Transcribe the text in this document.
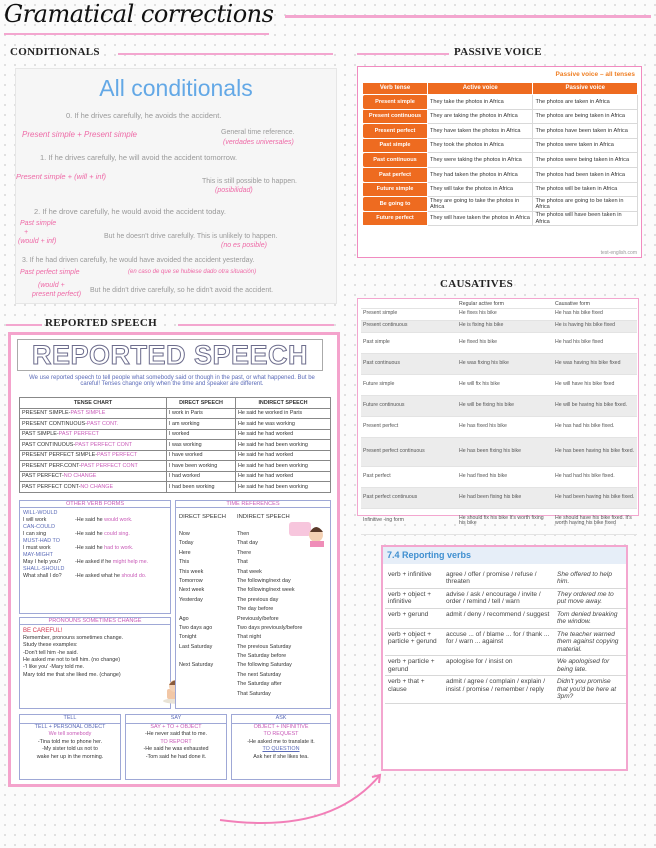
Gramatical corrections
CONDITIONALS
All conditionals
0. If he drives carefully, he avoids the accident.
Present simple + Present simple	General time reference.
(verdades universales)
1. If he drives carefully, he will avoid the accident tomorrow.
Present simple + (will + inf)
This is still possible to happen.
(posibilidad)
2. If he drove carefully, he would avoid the accident today.
Past simple
+
(would + inf)
But he doesn't drive carefully. This is unlikely to happen.
(no es posible)
3. If he had driven carefully, he would have avoided the accident yesterday.
Past perfect simple	(en caso de que se hubiese dado otra situación)
(would +
present perfect)
But he didn't drive carefully, so he didn't avoid the accident.
PASSIVE VOICE
Passive voice – all tenses
Verb tense	Active voice	Passive voice
Present simple	They take the photos in Africa	The photos are taken in Africa
Present continuous	They are taking the photos in Africa	The photos are being taken in Africa
Present perfect	They have taken the photos in Africa	The photos have been taken in Africa
Past simple	They took the photos in Africa	The photos were taken in Africa
Past continuous	They were taking the photos in Africa	The photos were being taken in Africa
Past perfect	They had taken the photos in Africa	The photos had been taken in Africa
Future simple	They will take the photos in Africa	The photos will be taken in Africa
Be going to	They are going to take the photos in Africa	The photos are going to be taken in Africa
Future perfect	They will have taken the photos in Africa	The photos will have been taken in Africa
test-english.com
CAUSATIVES
	Regular active form	Causative form
Present simple	He fixes his bike	He has his bike fixed
Present continuous	He is fixing his bike	He is having his bike fixed
Past simple	He fixed his bike	He had his bike fixed
Past continuous	He was fixing his bike	He was having his bike fixed
Future simple	He will fix his bike	He will have his bike fixed
Future continuous	He will be fixing his bike	He will be having his bike fixed.
Present perfect	He has fixed his bike	He has had his bike fixed.
Present perfect continuous	He has been fixing his bike	He has been having his bike fixed.
Past perfect	He had fixed his bike	He had had his bike fixed.
Past perfect continuous	He had been fixing his bike	He had been having his bike fixed.
Infinitive -ing form	He should fix his bike It's worth fixing his bike	He should have his bike fixed. It's worth having his bike fixed
REPORTED SPEECH
REPORTED SPEECH
We use reported speech to tell people what somebody said or though in the past, or what happened. But be careful! Tenses change only when the time and speaker are different.
TENSE CHART	DIRECT SPEECH	INDIRECT SPEECH
PRESENT SIMPLE-PAST SIMPLE	I work in Paris	He said he worked in Paris
PRESENT CONTINUOUS-PAST CONT.	I am working	He said he was working
PAST SIMPLE-PAST PERFECT	I worked	He said he had worked
PAST CONTINUOUS-PAST PERFECT CONT	I was working	He said he had been working
PRESENT PERFECT SIMPLE-PAST PERFECT	I have worked	He said he had worked
PRESENT PERF.CONT-PAST PERFECT CONT	I have been working	He said he had been working
PAST PERFECT-NO CHANGE	I had worked	He said he had worked
PAST PERFECT CONT-NO CHANGE	I had been working	He said he had been working
OTHER VERB FORMS
WILL-WOULD
I will work	-He said he would work.
CAN-COULD
I can sing	-He said he could sing.
MUST-HAD TO
I must work	-He said he had to work.
MAY-MIGHT
May I help you?	-He asked if he might help me.
SHALL-SHOULD
What shall I do? -He asked what he should do.
PRONOUNS SOMETIMES CHANGE
BE CAREFUL!
Remember, pronouns sometimes change.
Study these examples:
-Don't tell him -he said.
He asked me not to tell him. (no change)
-'I like you' -Mary told me.
Mary told me that she liked me. (change)
TIME REFERENCES
DIRECT SPEECH INDIRECT SPEECH
Now	Then
Today	That day
Here	There
This	That
This week	That week
Tomorrow	The following/next day
Next week	The following/next week
Yesterday	The previous day
The day before
Ago	Previously/before
Two days ago	Two days previously/before
Tonight	That night
Last Saturday	The previous Saturday
The Saturday before
Next Saturday	The following Saturday
The next Saturday
The Saturday after
That Saturday
TELL
TELL + PERSONAL OBJECT
We tell somebody
-Tina told me to phone her.
-My sister told us not to
wake her up in the morning.
SAY
SAY + TO + OBJECT
-He never said that to me.
TO REPORT
-He said he was exhausted
-Tom said he had done it.
ASK
OBJECT + INFINITIVE
TO REQUEST
-He asked me to translate it.
TO QUESTION
Ask her if she likes tea.
7.4 Reporting verbs
verb + infinitive	agree / offer / promise / refuse / threaten	She offered to help him.
verb + object + infinitive	advise / ask / encourage / invite / order / remind / tell / warn	They ordered me to put move away.
verb + gerund	admit / deny / recommend / suggest	Tom denied breaking the window.
verb + object + particle + gerund	accuse ... of / blame ... for / thank ... for / warn ... against	The teacher warned them against copying material.
verb + particle + gerund	apologise for / insist on	We apologised for being late.
verb + that + clause	admit / agree / complain / explain / insist / promise / remember / reply	Didn't you promise that you'd be here at 3pm?
